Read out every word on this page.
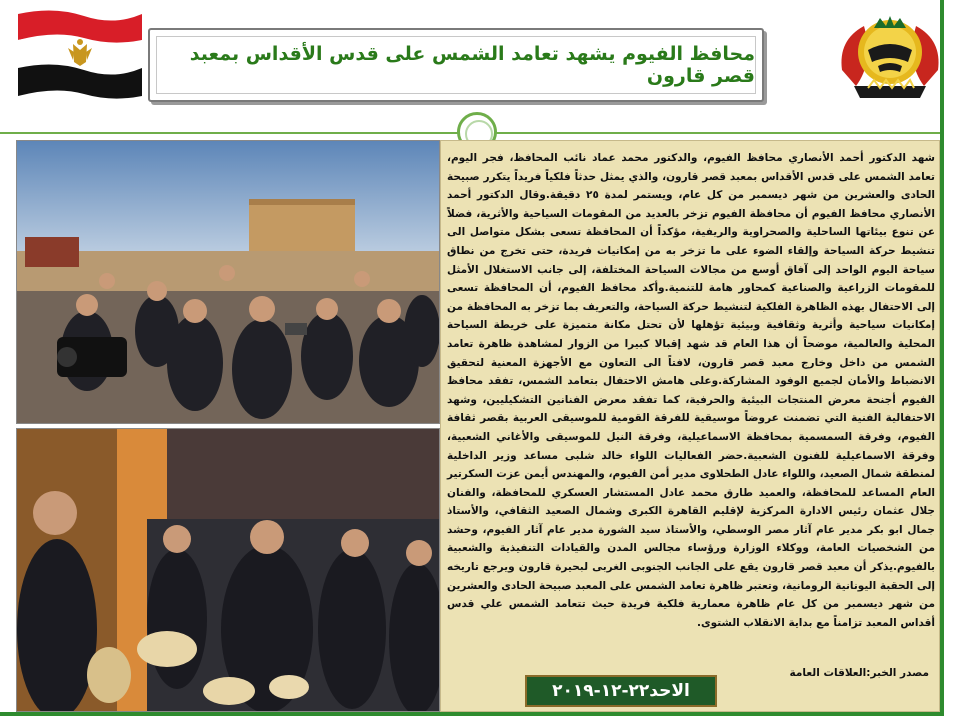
محافظ الفيوم يشهد تعامد الشمس على قدس الأقداس بمعبد قصر قارون
شهد الدكتور أحمد الأنصاري محافظ الفيوم، والدكتور محمد عماد نائب المحافظ، فجر اليوم، تعامد الشمس على قدس الأقداس بمعبد قصر قارون، والذي يمثل حدثاً فلكياً فريداً يتكرر صبيحة الحادى والعشرين من شهر ديسمبر من كل عام، ويستمر لمدة ٢٥ دقيقة.وقال الدكتور أحمد الأنصاري محافظ الفيوم أن محافظة الفيوم تزخر بالعديد من المقومات السياحية والأثرية، فضلاً عن تنوع بيئاتها الساحلية والصحراوية والريفية، مؤكداً أن المحافظة تسعى بشكل متواصل الى تنشيط حركة السياحة وإلقاء الضوء على ما تزخر به من إمكانيات فريدة، حتى تخرج من نطاق سياحة اليوم الواحد إلى آفاق أوسع من مجالات السياحة المختلفة، إلى جانب الاستغلال الأمثل للمقومات الزراعية والصناعية كمحاور هامة للتنمية.وأكد محافظ الفيوم، أن المحافظة تسعى إلى الاحتفال بهذه الظاهرة الفلكية لتنشيط حركة السياحة، والتعريف بما تزخر به المحافظة من إمكانيات سياحية وأثرية وثقافية وبيئية تؤهلها لأن تحتل مكانة متميزة على خريطة السياحة المحلية والعالمية، موضحاً أن هذا العام قد شهد إقبالا كبيرا من الزوار لمشاهدة ظاهرة تعامد الشمس من داخل وخارج معبد قصر قارون، لافتاً الى التعاون مع الأجهزة المعنية لتحقيق الانضباط والأمان لجميع الوفود المشاركة.وعلى هامش الاحتفال بتعامد الشمس، تفقد محافظ الفيوم أجنحة معرض المنتجات البيئية والحرفية، كما تفقد معرض الفنانين التشكيليين، وشهد الاحتفالية الفنية التي تضمنت عروضاً موسيقية للفرقة القومية للموسيقى العربية بقصر ثقافة الفيوم، وفرقة السمسمية بمحافظة الاسماعيلية، وفرقة النيل للموسيقى والأغاني الشعبية، وفرقة الاسماعيلية للفنون الشعبية.حضر الفعاليات اللواء خالد شلبى مساعد وزير الداخلية لمنطقة شمال الصعيد، واللواء عادل الطحلاوى مدير أمن الفيوم، والمهندس أيمن عزت السكرتير العام المساعد للمحافظة، والعميد طارق محمد عادل المستشار العسكري للمحافظة، والفنان جلال عثمان رئيس الادارة المركزية لإقليم القاهرة الكبرى وشمال الصعيد الثقافي، والأستاذ جمال ابو بكر مدير عام آثار مصر الوسطي، والأستاذ سيد الشورة مدير عام آثار الفيوم، وحشد من الشخصيات العامة، ووكلاء الوزارة ورؤساء مجالس المدن والقيادات التنفيذية والشعبية بالفيوم.يذكر أن معبد قصر قارون يقع على الجانب الجنوبى الغربى لبحيرة قارون ويرجع تاريخه إلى الحقبة اليونانية الرومانية، وتعتبر ظاهرة تعامد الشمس على المعبد صبيحة الحادى والعشرين من شهر ديسمبر من كل عام ظاهرة معمارية فلكية فريدة حيث تتعامد الشمس علي قدس أقداس المعبد تزامناً مع بداية الانقلاب الشتوى.
مصدر الخبر:العلاقات العامة
الاحد٢٢-١٢-٢٠١٩
